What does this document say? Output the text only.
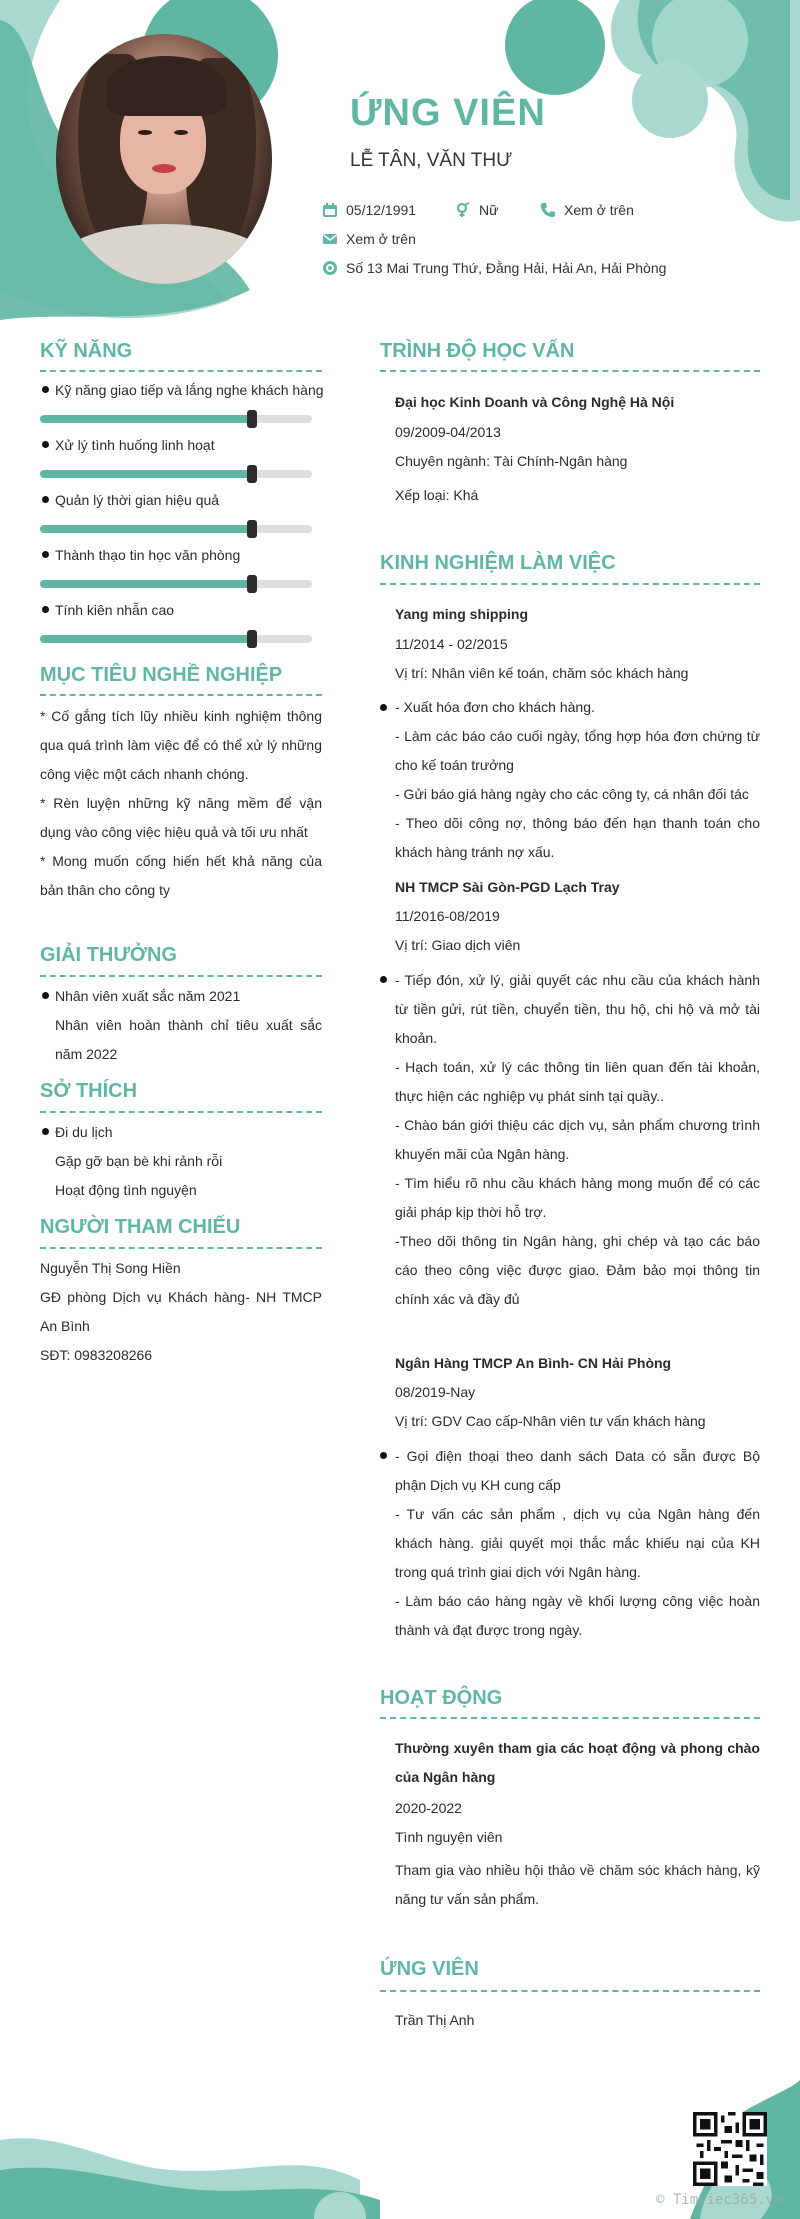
ỨNG VIÊN
LỄ TÂN, VĂN THƯ
05/12/1991	Nữ	Xem ở trên
Xem ở trên
Số 13 Mai Trung Thứ, Đằng Hải, Hải An, Hải Phòng
KỸ NĂNG

Kỹ năng giao tiếp và lắng nghe khách hàng

Xử lý tình huống linh hoạt

Quản lý thời gian hiệu quả

Thành thạo tin học văn phòng

Tính kiên nhẫn cao

MỤC TIÊU NGHỀ NGHIỆP

* Cố gắng tích lũy nhiều kinh nghiệm thông qua quá trình làm việc để có thể xử lý những công việc một cách nhanh chóng.

* Rèn luyện những kỹ năng mềm để vận dụng vào công việc hiệu quả và tối ưu nhất

* Mong muốn cống hiến hết khả năng của bản thân cho công ty

GIẢI THƯỞNG

Nhân viên xuất sắc năm 2021

Nhân viên hoàn thành chỉ tiêu xuất sắc năm 2022

SỞ THÍCH

Đi du lịch

Gặp gỡ bạn bè khi rảnh rỗi

Hoạt động tình nguyện

NGƯỜI THAM CHIẾU

Nguyễn Thị Song Hiền

GĐ phòng Dịch vụ Khách hàng- NH TMCP An Bình

SĐT: 0983208266

TRÌNH ĐỘ HỌC VẤN

Đại học Kinh Doanh và Công Nghệ Hà Nội

09/2009-04/2013

Chuyên ngành: Tài Chính-Ngân hàng

Xếp loại: Khá

KINH NGHIỆM LÀM VIỆC

Yang ming shipping

11/2014 - 02/2015

Vị trí: Nhân viên kế toán, chăm sóc khách hàng

- Xuất hóa đơn cho khách hàng.

- Làm các báo cáo cuối ngày, tổng hợp hóa đơn chứng từ cho kế toán trưởng

- Gửi báo giá hàng ngày cho các công ty, cá nhân đối tác

- Theo dõi công nợ, thông báo đến hạn thanh toán cho khách hàng tránh nợ xấu.

NH TMCP Sài Gòn-PGD Lạch Tray

11/2016-08/2019

Vị trí: Giao dịch viên

- Tiếp đón, xử lý, giải quyết các nhu cầu của khách hành từ tiền gửi, rút tiền, chuyển tiền, thu hộ, chi hộ và mở tài khoản.

- Hạch toán, xử lý các thông tin liên quan đến tài khoản, thực hiện các nghiệp vụ phát sinh tại quầy..

- Chào bán giới thiệu các dịch vụ, sản phẩm chương trình khuyến mãi của Ngân hàng.

- Tìm hiểu rõ nhu cầu khách hàng mong muốn để có các giải pháp kịp thời hỗ trợ.

-Theo dõi thông tin Ngân hàng, ghi chép và tạo các báo cáo theo công việc được giao. Đảm bảo mọi thông tin chính xác và đầy đủ

Ngân Hàng TMCP An Bình- CN Hải Phòng

08/2019-Nay

Vị trí: GDV Cao cấp-Nhân viên tư vấn khách hàng

- Gọi điện thoại theo danh sách Data có sẵn được Bộ phận Dịch vụ KH cung cấp

- Tư vấn các sản phẩm , dịch vụ của Ngân hàng đến khách hàng. giải quyết mọi thắc mắc khiếu nại của KH trong quá trình giai dịch với Ngân hàng.

- Làm báo cáo hàng ngày về khối lượng công việc hoàn thành và đạt được trong ngày.

HOẠT ĐỘNG

Thường xuyên tham gia các hoạt động và phong chào của Ngân hàng

2020-2022

Tình nguyện viên

Tham gia vào nhiều hội thảo về chăm sóc khách hàng, kỹ năng tư vấn sản phẩm.

ỨNG VIÊN

Trần Thị Anh

© Timviec365.vn
